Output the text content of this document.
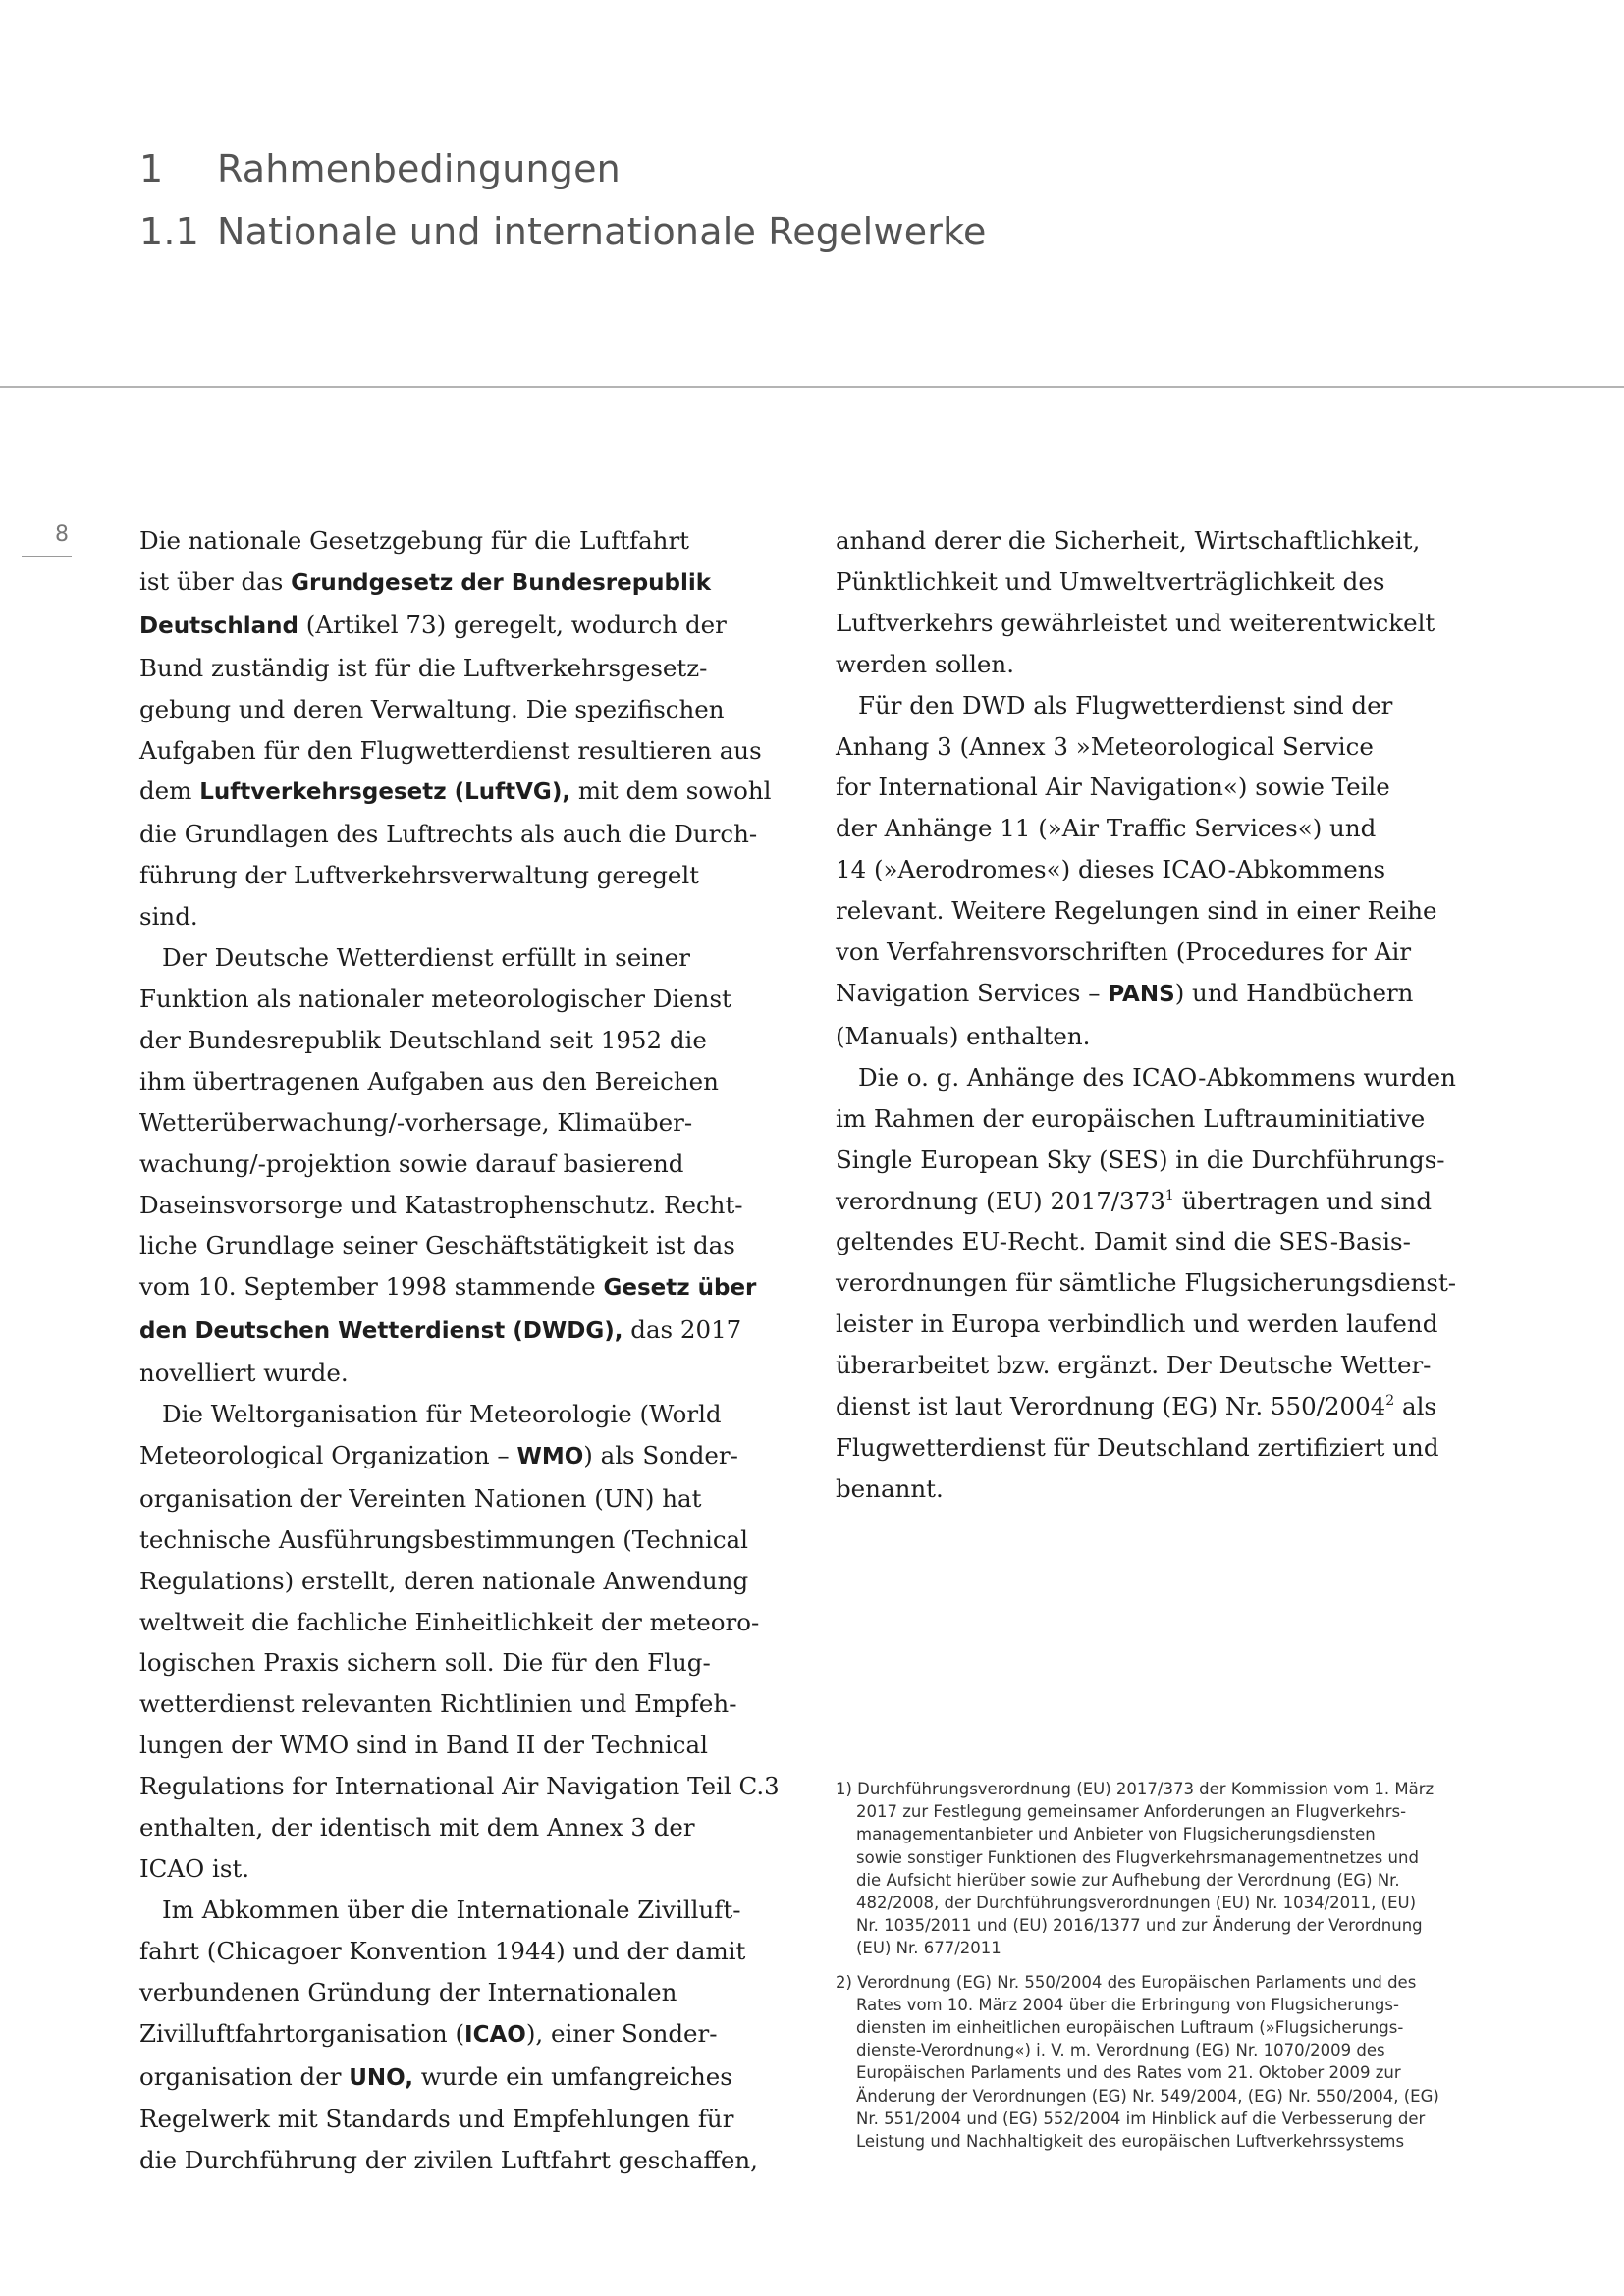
1 Rahmenbedingungen
1.1 Nationale und internationale Regelwerke
8	Die nationale Gesetzgebung für die Luftfahrt
ist über das Grundgesetz der Bundesrepublik
Deutschland (Artikel 73) geregelt, wodurch der
Bund zuständig ist für die Luftverkehrsgesetz-
gebung und deren Verwaltung. Die spezifischen
Aufgaben für den Flugwetterdienst resultieren aus
dem Luftverkehrsgesetz (LuftVG), mit dem sowohl
die Grundlagen des Luftrechts als auch die Durch-
führung der Luftverkehrsverwaltung geregelt
sind.
Der Deutsche Wetterdienst erfüllt in seiner
Funktion als nationaler meteorologischer Dienst
der Bundesrepublik Deutschland seit 1952 die
ihm übertragenen Aufgaben aus den Bereichen
Wetterüberwachung/-vorhersage, Klimaüber-
wachung/-projektion sowie darauf basierend
Daseinsvorsorge und Katastrophenschutz. Recht-
liche Grundlage seiner Geschäftstätigkeit ist das
vom 10. September 1998 stammende Gesetz über
den Deutschen Wetterdienst (DWDG), das 2017
novelliert wurde.
Die Weltorganisation für Meteorologie (World
Meteorological Organization – WMO) als Sonder-
organisation der Vereinten Nationen (UN) hat
technische Ausführungsbestimmungen (Technical
Regulations) erstellt, deren nationale Anwendung
weltweit die fachliche Einheitlichkeit der meteoro-
logischen Praxis sichern soll. Die für den Flug-
wetterdienst relevanten Richtlinien und Empfeh-
lungen der WMO sind in Band II der Technical
Regulations for International Air Navigation Teil C.3
enthalten, der identisch mit dem Annex 3 der
ICAO ist.
Im Abkommen über die Internationale Zivilluft-
fahrt (Chicagoer Konvention 1944) und der damit
verbundenen Gründung der Internationalen
Zivilluftfahrtorganisation (ICAO), einer Sonder-
organisation der UNO, wurde ein umfangreiches
Regelwerk mit Standards und Empfehlungen für
die Durchführung der zivilen Luftfahrt geschaffen,
anhand derer die Sicherheit, Wirtschaftlichkeit,
Pünktlichkeit und Umweltverträglichkeit des
Luftverkehrs gewährleistet und weiterentwickelt
werden sollen.
Für den DWD als Flugwetterdienst sind der
Anhang 3 (Annex 3 »Meteorological Service
for International Air Navigation«) sowie Teile
der Anhänge 11 (»Air Traffic Services«) und
14 (»Aerodromes«) dieses ICAO-Abkommens
relevant. Weitere Regelungen sind in einer Reihe
von Verfahrensvorschriften (Procedures for Air
Navigation Services – PANS) und Handbüchern
(Manuals) enthalten.
Die o. g. Anhänge des ICAO-Abkommens wurden
im Rahmen der europäischen Luftrauminitiative
Single European Sky (SES) in die Durchführungs-
verordnung (EU) $2017/373^1$ übertragen und sind
geltendes EU-Recht. Damit sind die SES-Basis-
verordnungen für sämtliche Flugsicherungsdienst-
leister in Europa verbindlich und werden laufend
überarbeitet bzw. ergänzt. Der Deutsche Wetter-
dienst ist laut Verordnung (EG) Nr. 550/2004$^2$ als
Flugwetterdienst für Deutschland zertifiziert und
benannt.
1) Durchführungsverordnung (EU) 2017/373 der Kommission vom 1. März
2017 zur Festlegung gemeinsamer Anforderungen an Flugverkehrs-
managementanbieter und Anbieter von Flugsicherungsdiensten
sowie sonstiger Funktionen des Flugverkehrsmanagementnetzes und
die Aufsicht hierüber sowie zur Aufhebung der Verordnung (EG) Nr.
482/2008, der Durchführungsverordnungen (EU) Nr. 1034/2011, (EU)
Nr. 1035/2011 und (EU) 2016/1377 und zur Änderung der Verordnung
(EU) Nr. 677/2011
2) Verordnung (EG) Nr. 550/2004 des Europäischen Parlaments und des
Rates vom 10. März 2004 über die Erbringung von Flugsicherungs-
diensten im einheitlichen europäischen Luftraum (»Flugsicherungs-
dienste-Verordnung«) i. V. m. Verordnung (EG) Nr. 1070/2009 des
Europäischen Parlaments und des Rates vom 21. Oktober 2009 zur
Änderung der Verordnungen (EG) Nr. 549/2004, (EG) Nr. 550/2004, (EG)
Nr. 551/2004 und (EG) 552/2004 im Hinblick auf die Verbesserung der
Leistung und Nachhaltigkeit des europäischen Luftverkehrssystems
